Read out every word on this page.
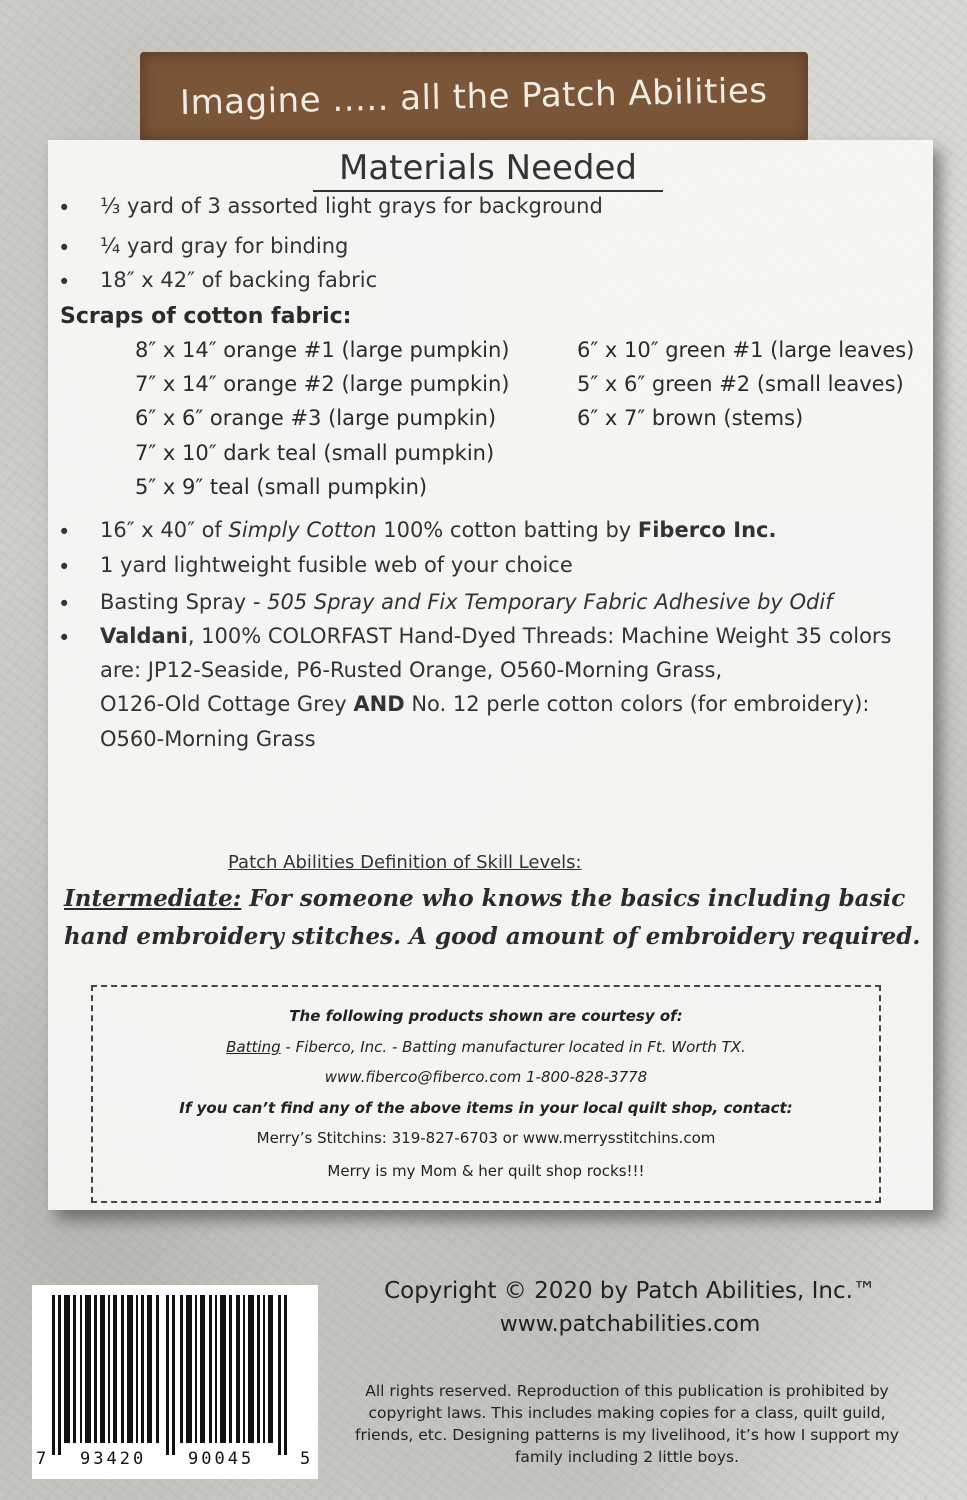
Imagine ..... all the Patch Abilities
Materials Needed
• ⅓ yard of 3 assorted light grays for background
• ¼ yard gray for binding
• 18″ x 42″ of backing fabric
Scraps of cotton fabric:
8″ x 14″ orange #1 (large pumpkin)
7″ x 14″ orange #2 (large pumpkin)
6″ x 6″ orange #3 (large pumpkin)
7″ x 10″ dark teal (small pumpkin)
5″ x 9″ teal (small pumpkin)
6″ x 10″ green #1 (large leaves)
5″ x 6″ green #2 (small leaves)
6″ x 7″ brown (stems)
• 16″ x 40″ of Simply Cotton 100% cotton batting by Fiberco Inc.
• 1 yard lightweight fusible web of your choice
• Basting Spray - 505 Spray and Fix Temporary Fabric Adhesive by Odif
• Valdani, 100% COLORFAST Hand-Dyed Threads: Machine Weight 35 colors
are: JP12-Seaside, P6-Rusted Orange, O560-Morning Grass,
O126-Old Cottage Grey AND No. 12 perle cotton colors (for embroidery):
O560-Morning Grass
Patch Abilities Definition of Skill Levels:
Intermediate: For someone who knows the basics including basic
hand embroidery stitches. A good amount of embroidery required.
The following products shown are courtesy of:
Batting - Fiberco, Inc. - Batting manufacturer located in Ft. Worth TX.
www.fiberco@fiberco.com 1-800-828-3778
If you can’t find any of the above items in your local quilt shop, contact:
Merry’s Stitchins: 319-827-6703 or www.merrysstitchins.com
Merry is my Mom & her quilt shop rocks!!!
Copyright © 2020 by Patch Abilities, Inc.™
www.patchabilities.com
All rights reserved. Reproduction of this publication is prohibited by
copyright laws. This includes making copies for a class, quilt guild,
friends, etc. Designing patterns is my livelihood, it’s how I support my
family including 2 little boys.
7 93420 90045	5
